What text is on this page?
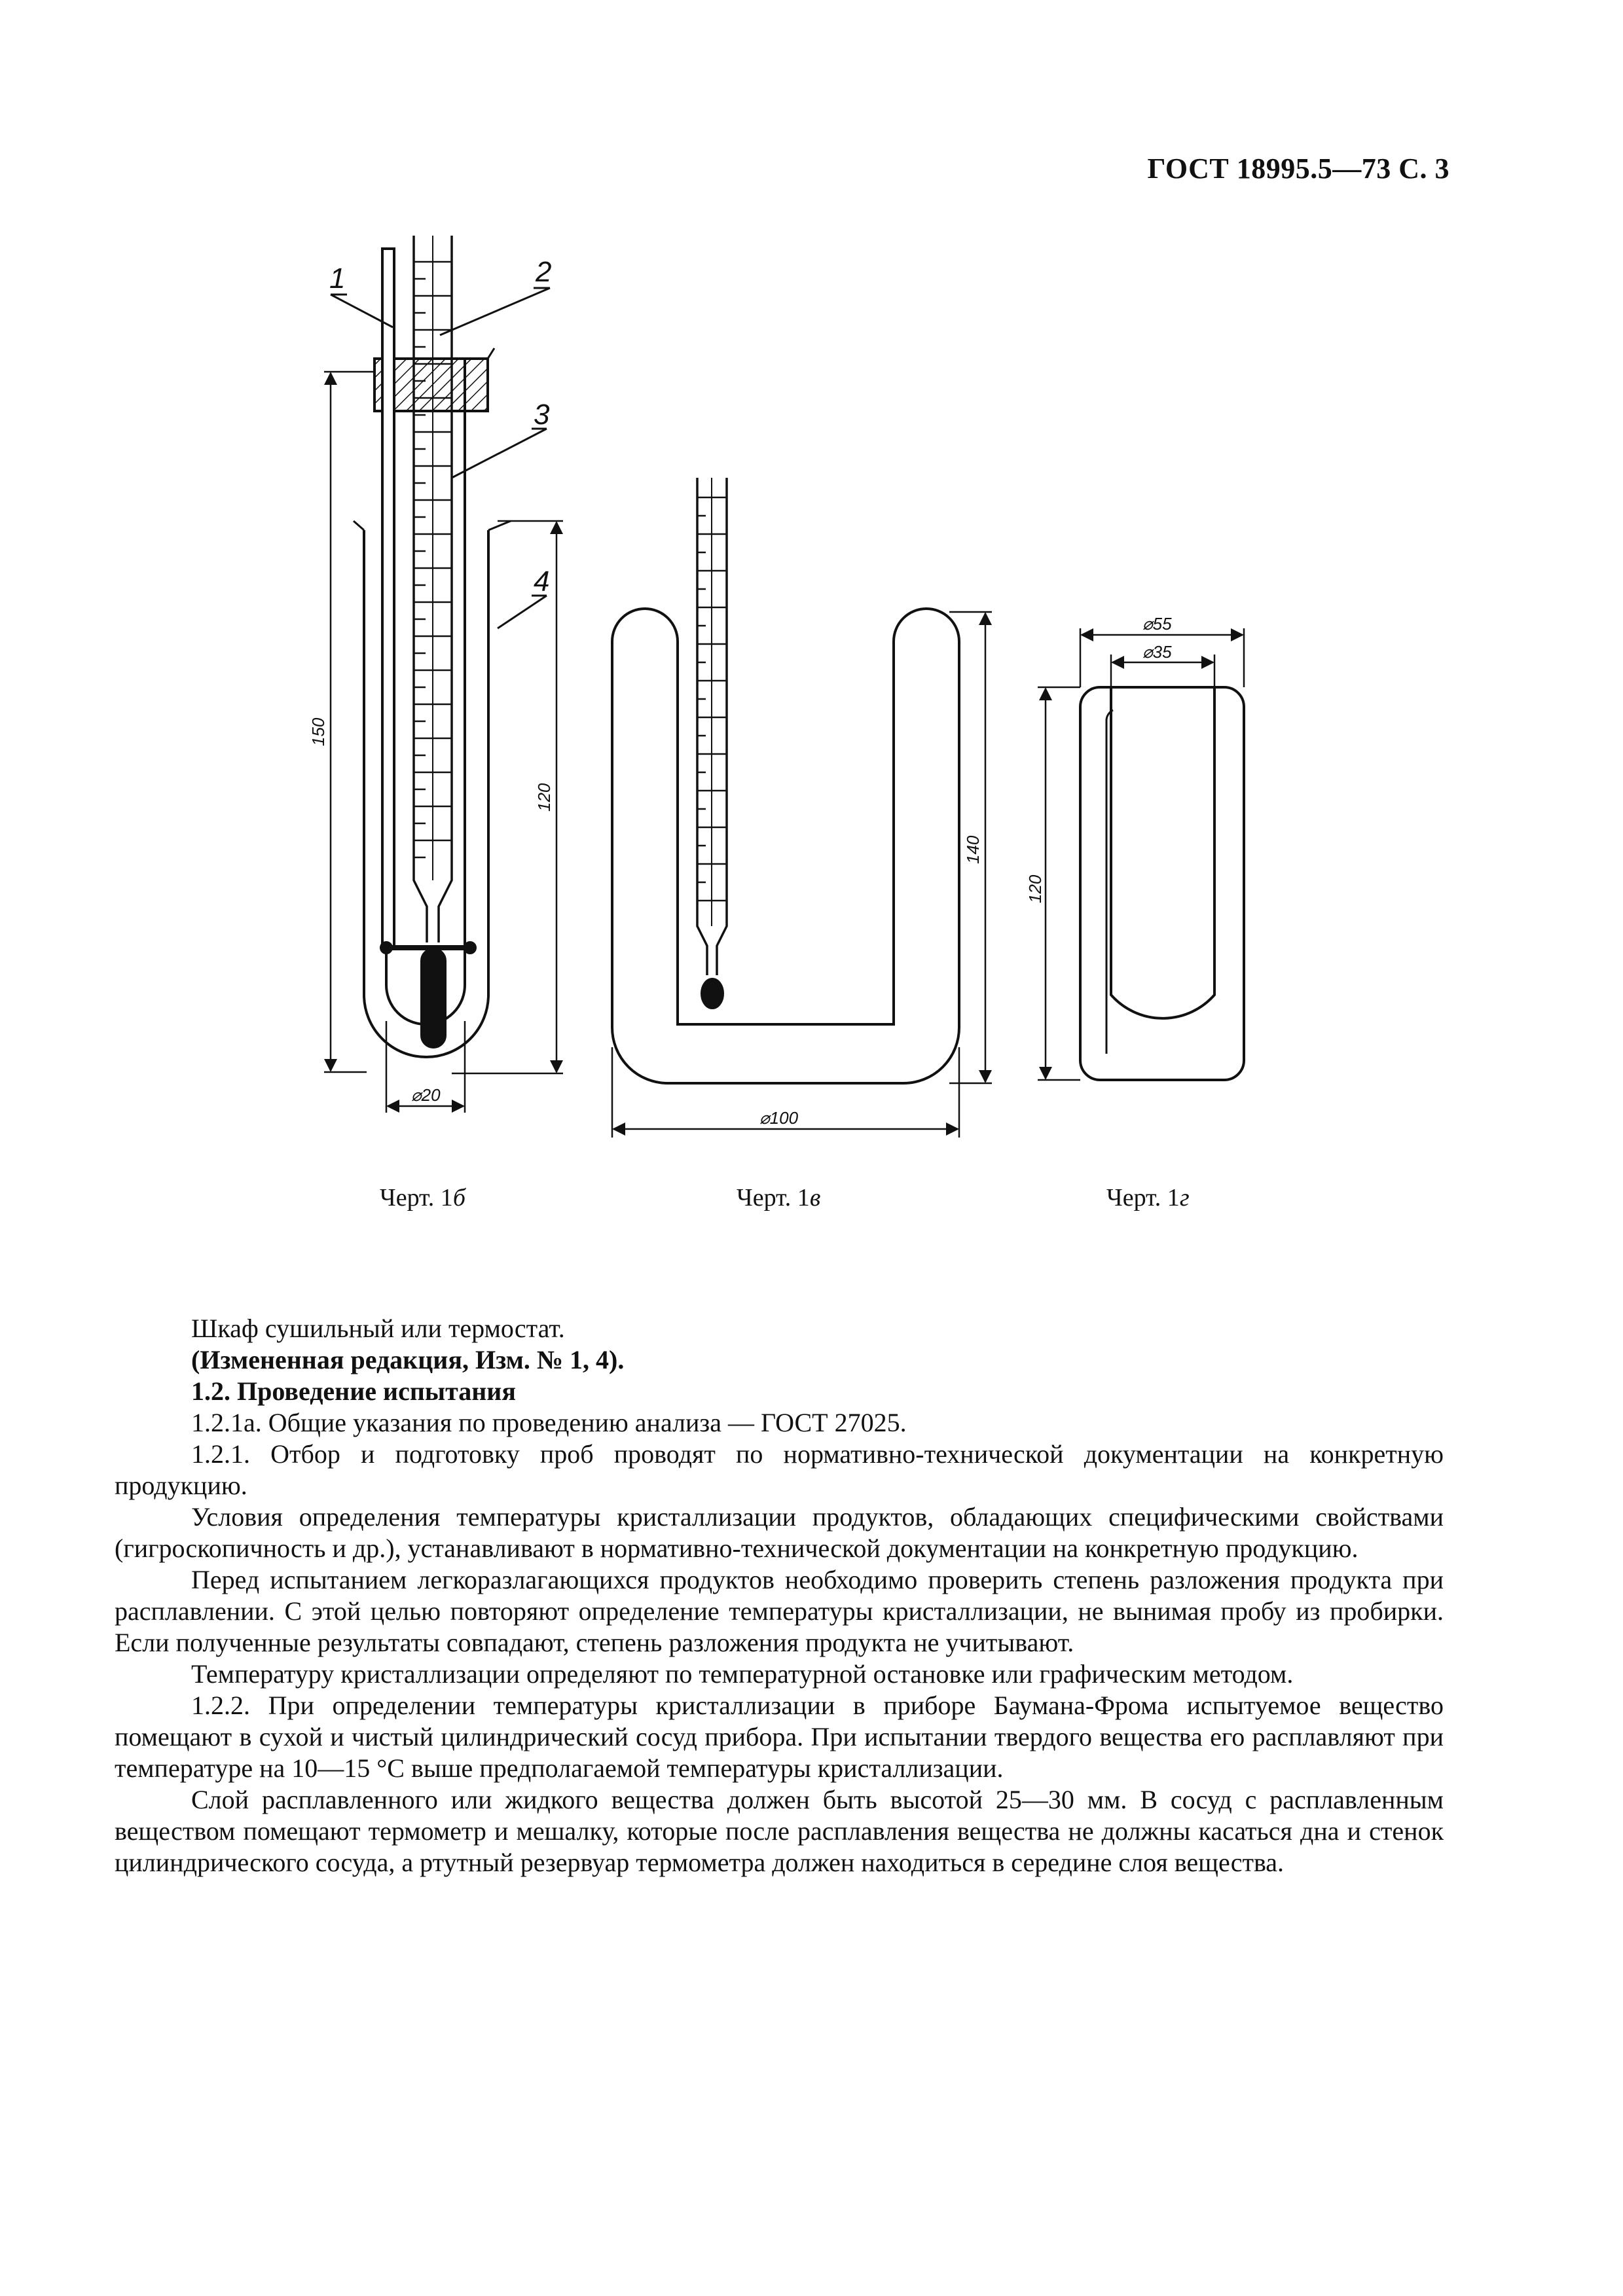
ГОСТ 18995.5—73 С. 3
1	2
3
4
150
120
⌀20
140
⌀100
⌀55
⌀35
120
Черт. 1б	Черт. 1в	Черт. 1г

Шкаф сушильный или термостат.

(Измененная редакция, Изм. № 1, 4).

1.2. Проведение испытания

1.2.1а. Общие указания по проведению анализа — ГОСТ 27025.

1.2.1. Отбор и подготовку проб проводят по нормативно-технической документации на конкретную продукцию.

Условия определения температуры кристаллизации продуктов, обладающих специфическими свойствами (гигроскопичность и др.), устанавливают в нормативно-технической документации на конкретную продукцию.

Перед испытанием легкоразлагающихся продуктов необходимо проверить степень разложения продукта при расплавлении. С этой целью повторяют определение температуры кристаллизации, не вынимая пробу из пробирки. Если полученные результаты совпадают, степень разложения продукта не учитывают.

Температуру кристаллизации определяют по температурной остановке или графическим методом.

1.2.2. При определении температуры кристаллизации в приборе Баумана-Фрома испытуемое вещество помещают в сухой и чистый цилиндрический сосуд прибора. При испытании твердого вещества его расплавляют при температуре на 10—15 °С выше предполагаемой температуры кристаллизации.

Слой расплавленного или жидкого вещества должен быть высотой 25—30 мм. В сосуд с расплавленным веществом помещают термометр и мешалку, которые после расплавления вещества не должны касаться дна и стенок цилиндрического сосуда, а ртутный резервуар термометра должен находиться в середине слоя вещества.
